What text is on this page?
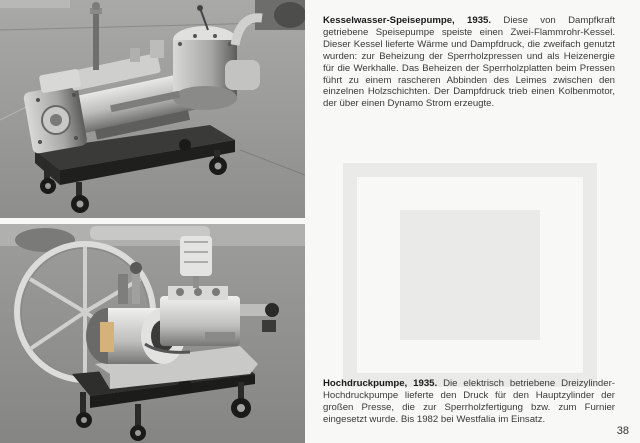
Kesselwasser-Speisepumpe, 1935. Diese von Dampfkraft getriebene Speisepumpe speiste einen Zwei-Flammrohr-Kessel. Dieser Kessel lieferte Wärme und Dampfdruck, die zweifach genutzt wurden: zur Beheizung der Sperrholzpressen und als Heizenergie für die Werkhalle. Das Beheizen der Sperrholzplatten beim Pressen führt zu einem rascheren Abbinden des Leimes zwischen den einzelnen Holzschichten. Der Dampfdruck trieb einen Kolbenmotor, der über einen Dynamo Strom erzeugte.
Hochdruckpumpe, 1935. Die elektrisch betriebene Dreizylinder-Hochdruckpumpe lieferte den Druck für den Hauptzylinder der großen Presse, die zur Sperrholzfertigung bzw. zum Furnier eingesetzt wurde. Bis 1982 bei Westfalia im Einsatz.
38
